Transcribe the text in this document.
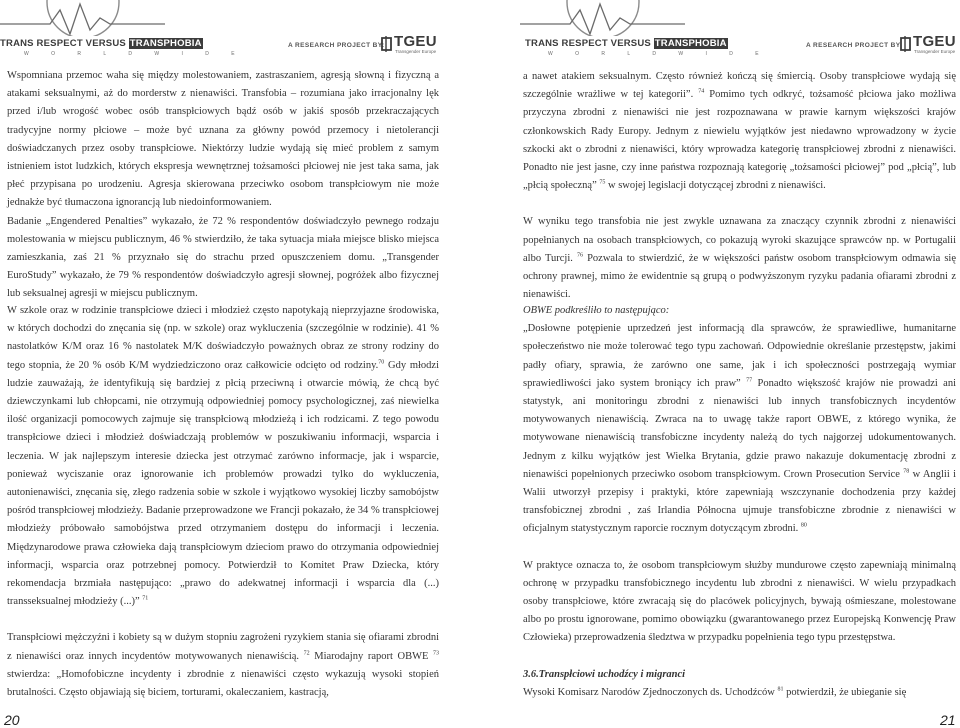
TRANS RESPECT VERSUS TRANSPHOBIA
W O R L D W I D E
A RESEARCH PROJECT BY: TGEU
Transgender Europe

Wspomniana przemoc waha się między molestowaniem, zastraszaniem, agresją słowną i fizyczną a atakami seksualnymi, aż do morderstw z nienawiści. Transfobia – rozumiana jako irracjonalny lęk przed i/lub wrogość wobec osób transpłciowych bądź osób w jakiś sposób przekraczających tradycyjne normy płciowe – może być uznana za główny powód przemocy i nietolerancji doświadczanych przez osoby transpłciowe. Niektórzy ludzie wydają się mieć problem z samym istnieniem istot ludzkich, których ekspresja wewnętrznej tożsamości płciowej nie jest taka sama, jak płeć przypisana po urodzeniu. Agresja skierowana przeciwko osobom transpłciowym nie może jednakże być tłumaczona ignorancją lub niedoinformowaniem.

Badanie „Engendered Penalties” wykazało, że 72 % respondentów doświadczyło pewnego rodzaju molestowania w miejscu publicznym, 46 % stwierdziło, że taka sytuacja miała miejsce blisko miejsca zamieszkania, zaś 21 % przyznało się do strachu przed opuszczeniem domu. „Transgender EuroStudy” wykazało, że 79 % respondentów doświadczyło agresji słownej, pogróżek albo fizycznej lub seksualnej agresji w miejscu publicznym.

W szkole oraz w rodzinie transpłciowe dzieci i młodzież często napotykają nieprzyjazne środowiska, w których dochodzi do znęcania się (np. w szkole) oraz wykluczenia (szczególnie w rodzinie). 41 % nastolatków K/M oraz 16 % nastolatek M/K doświadczyło poważnych obraz ze strony rodziny do tego stopnia, że 20 % osób K/M wydziedziczono oraz całkowicie odcięto od rodziny.$^{70}$ Gdy młodzi ludzie zauważają, że identyfikują się bardziej z płcią przeciwną i otwarcie mówią, że chcą być dziewczynkami lub chłopcami, nie otrzymują odpowiedniej pomocy psychologicznej, zaś niewielka ilość organizacji pomocowych zajmuje się transpłciową młodzieżą i ich rodzicami. Z tego powodu transpłciowe dzieci i młodzież doświadczają problemów w poszukiwaniu informacji, wsparcia i leczenia. W jak najlepszym interesie dziecka jest otrzymać zarówno informacje, jak i wsparcie, ponieważ wyciszanie oraz ignorowanie ich problemów prowadzi tylko do wykluczenia, autonienawiści, znęcania się, złego radzenia sobie w szkole i wyjątkowo wysokiej liczby samobójstw pośród transpłciowej młodzieży. Badanie przeprowadzone we Francji pokazało, że 34 % transpłciowej młodzieży próbowało samobójstwa przed otrzymaniem dostępu do informacji i leczenia. Międzynarodowe prawa człowieka dają transpłciowym dzieciom prawo do otrzymania odpowiedniej informacji, wsparcia oraz potrzebnej pomocy. Potwierdził to Komitet Praw Dziecka, który rekomendacja brzmiała następująco: „prawo do adekwatnej informacji i wsparcia dla (...) transseksualnej młodzieży (...)” $^{71}$

Transpłciowi mężczyźni i kobiety są w dużym stopniu zagrożeni ryzykiem stania się ofiarami zbrodni z nienawiści oraz innych incydentów motywowanych nienawiścią. $^{72}$ Miarodajny raport OBWE $^{73}$ stwierdza: „Homofobiczne incydenty i zbrodnie z nienawiści często wykazują wysoki stopień brutalności. Często objawiają się biciem, torturami, okaleczaniem, kastracją,

20
TRANS RESPECT VERSUS TRANSPHOBIA
W O R L D W I D E
A RESEARCH PROJECT BY: TGEU
Transgender Europe

a nawet atakiem seksualnym. Często również kończą się śmiercią. Osoby transpłciowe wydają się szczególnie wrażliwe w tej kategorii”. $^{74}$ Pomimo tych odkryć, tożsamość płciowa jako możliwa przyczyna zbrodni z nienawiści nie jest rozpoznawana w prawie karnym większości krajów członkowskich Rady Europy. Jednym z niewielu wyjątków jest niedawno wprowadzony w życie szkocki akt o zbrodni z nienawiści, który wprowadza kategorię transpłciowej zbrodni z nienawiści. Ponadto nie jest jasne, czy inne państwa rozpoznają kategorię „tożsamości płciowej” pod „płcią”, lub „płcią społeczną” $^{75}$ w swojej legislacji dotyczącej zbrodni z nienawiści.

W wyniku tego transfobia nie jest zwykle uznawana za znaczący czynnik zbrodni z nienawiści popełnianych na osobach transpłciowych, co pokazują wyroki skazujące sprawców np. w Portugalii albo Turcji. $^{76}$ Pozwala to stwierdzić, że w większości państw osobom transpłciowym odmawia się ochrony prawnej, mimo że ewidentnie są grupą o podwyższonym ryzyku padania ofiarami zbrodni z nienawiści.

OBWE podkreśliło to następująco:

„Dosłowne potępienie uprzedzeń jest informacją dla sprawców, że sprawiedliwe, humanitarne społeczeństwo nie może tolerować tego typu zachowań. Odpowiednie określanie przestępstw, jakimi padły ofiary, sprawia, że zarówno one same, jak i ich społeczności postrzegają wymiar sprawiedliwości jako system broniący ich praw” $^{77}$ Ponadto większość krajów nie prowadzi ani statystyk, ani monitoringu zbrodni z nienawiści lub innych transfobicznych incydentów motywowanych nienawiścią. Zwraca na to uwagę także raport OBWE, z którego wynika, że motywowane nienawiścią transfobiczne incydenty należą do tych najgorzej udokumentowanych. Jednym z kilku wyjątków jest Wielka Brytania, gdzie prawo nakazuje dokumentację zbrodni z nienawiści popełnionych przeciwko osobom transpłciowym. Crown Prosecution Service $^{78}$ w Anglii i Walii utworzył przepisy i praktyki, które zapewniają wszczynanie dochodzenia przy każdej transfobicznej zbrodni , zaś Irlandia Północna ujmuje transfobiczne zbrodnie z nienawiści w oficjalnym statystycznym raporcie rocznym dotyczącym zbrodni. $^{80}$

W praktyce oznacza to, że osobom transpłciowym służby mundurowe często zapewniają minimalną ochronę w przypadku transfobicznego incydentu lub zbrodni z nienawiści. W wielu przypadkach osoby transpłciowe, które zwracają się do placówek policyjnych, bywają ośmieszane, molestowane albo po prostu ignorowane, pomimo obowiązku (gwarantowanego przez Europejską Konwencję Praw Człowieka) przeprowadzenia śledztwa w przypadku popełnienia tego typu przestępstwa.

3.6.Transpłciowi uchodźcy i migranci

Wysoki Komisarz Narodów Zjednoczonych ds. Uchodźców $^{81}$ potwierdził, że ubieganie się

21
